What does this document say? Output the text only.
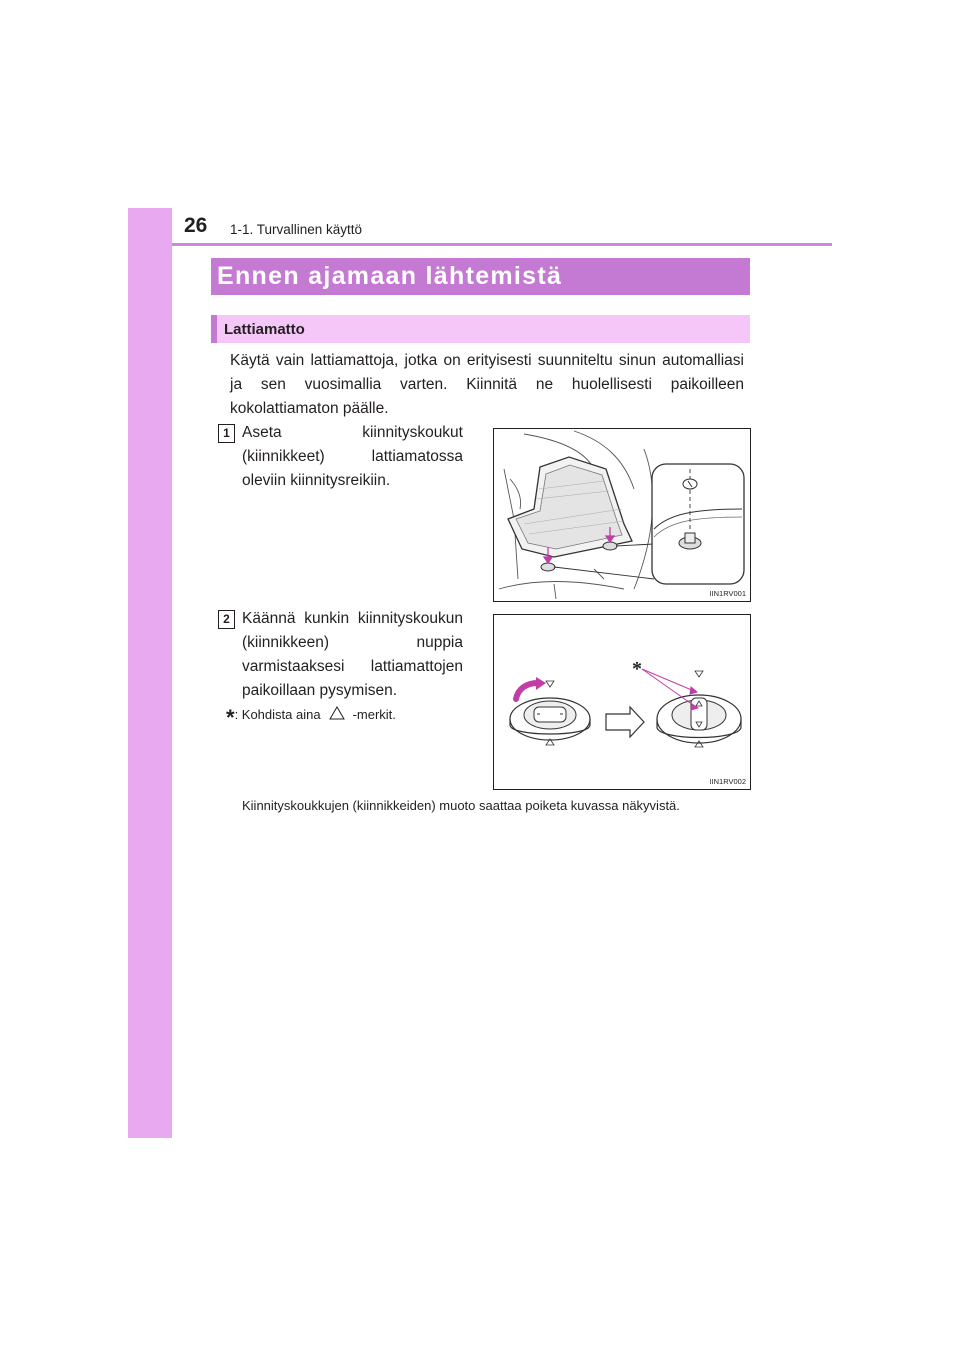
26 1-1. Turvallinen käyttö
Ennen ajamaan lähtemistä
Lattiamatto
Käytä vain lattiamattoja, jotka on erityisesti suunniteltu sinun automalliasi ja sen vuosimallia varten. Kiinnitä ne huolellisesti paikoilleen kokolattiamaton päälle.
1 Aseta kiinnityskoukut (kiinnikkeet) lattiamatossa oleviin kiinnitysreikiin.
IIN1RV001
2 Käännä kunkin kiinnityskoukun (kiinnikkeen) nuppia varmistaaksesi lattiamattojen paikoillaan pysymisen.
*: Kohdista aina -merkit.
*
IIN1RV002
Kiinnityskoukkujen (kiinnikkeiden) muoto saattaa poiketa kuvassa näkyvistä.
